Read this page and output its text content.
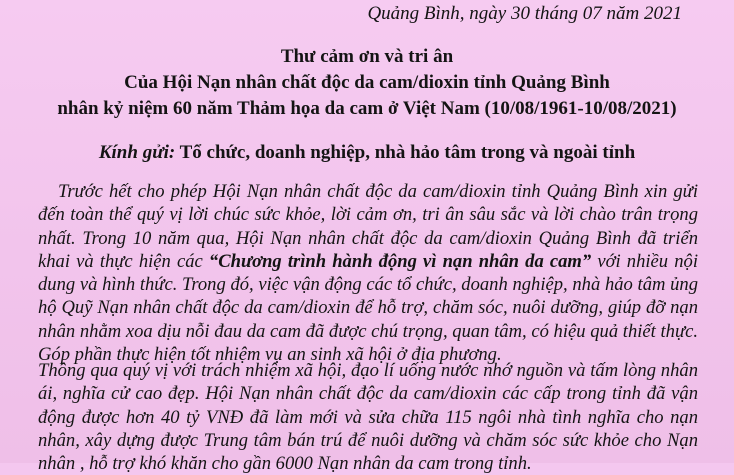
Quảng Bình, ngày 30 tháng 07 năm 2021
Thư cảm ơn và tri ân
Của Hội Nạn nhân chất độc da cam/dioxin tỉnh Quảng Bình
nhân kỷ niệm 60 năm Thảm họa da cam ở Việt Nam (10/08/1961-10/08/2021)
Kính gửi: Tổ chức, doanh nghiệp, nhà hảo tâm trong và ngoài tỉnh
Trước hết cho phép Hội Nạn nhân chất độc da cam/dioxin tỉnh Quảng Bình xin gửi đến toàn thể quý vị lời chúc sức khỏe, lời cảm ơn, tri ân sâu sắc và lời chào trân trọng nhất. Trong 10 năm qua, Hội Nạn nhân chất độc da cam/dioxin Quảng Bình đã triển khai và thực hiện các “Chương trình hành động vì nạn nhân da cam” với nhiều nội dung và hình thức. Trong đó, việc vận động các tổ chức, doanh nghiệp, nhà hảo tâm ủng hộ Quỹ Nạn nhân chất độc da cam/dioxin để hỗ trợ, chăm sóc, nuôi dưỡng, giúp đỡ nạn nhân nhằm xoa dịu nỗi đau da cam đã được chú trọng, quan tâm, có hiệu quả thiết thực. Góp phần thực hiện tốt nhiệm vụ an sinh xã hội ở địa phương.
Thông qua quý vị với trách nhiệm xã hội, đạo lí uống nước nhớ nguồn và tấm lòng nhân ái, nghĩa cử cao đẹp. Hội Nạn nhân chất độc da cam/dioxin các cấp trong tỉnh đã vận động được hơn 40 tỷ VNĐ đã làm mới và sửa chữa 115 ngôi nhà tình nghĩa cho nạn nhân, xây dựng được Trung tâm bán trú để nuôi dưỡng và chăm sóc sức khỏe cho Nạn nhân , hỗ trợ khó khăn cho gần 6000 Nạn nhân da cam trong tỉnh.
